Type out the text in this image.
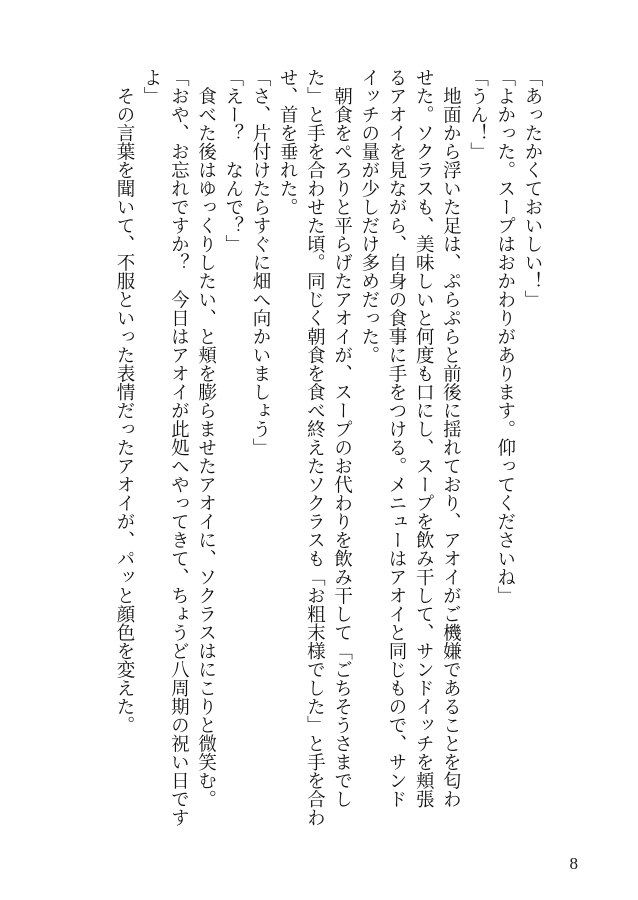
「あったかくておいしい！」

「よかった。スープはおかわりがあります。仰ってくださいね」

「うん！」

　地面から浮いた足は、ぷらぷらと前後に揺れており、アオイがご機嫌であることを匂わ

せた。ソクラスも、美味しいと何度も口にし、スープを飲み干して、サンドイッチを頬張

るアオイを見ながら、自身の食事に手をつける。メニューはアオイと同じもので、サンド

イッチの量が少しだけ多めだった。

　朝食をぺろりと平らげたアオイが、スープのお代わりを飲み干して「ごちそうさまでし

た」と手を合わせた頃。同じく朝食を食べ終えたソクラスも「お粗末様でした」と手を合わ

せ、首を垂れた。

「さ、片付けたらすぐに畑へ向かいましょう」

「えー？　なんで？」

　食べた後はゆっくりしたい、と頬を膨らませたアオイに、ソクラスはにこりと微笑む。

「おや、お忘れですか？　今日はアオイが此処へやってきて、ちょうど八周期の祝い日です

よ」

　その言葉を聞いて、不服といった表情だったアオイが、パッと顔色を変えた。

8
